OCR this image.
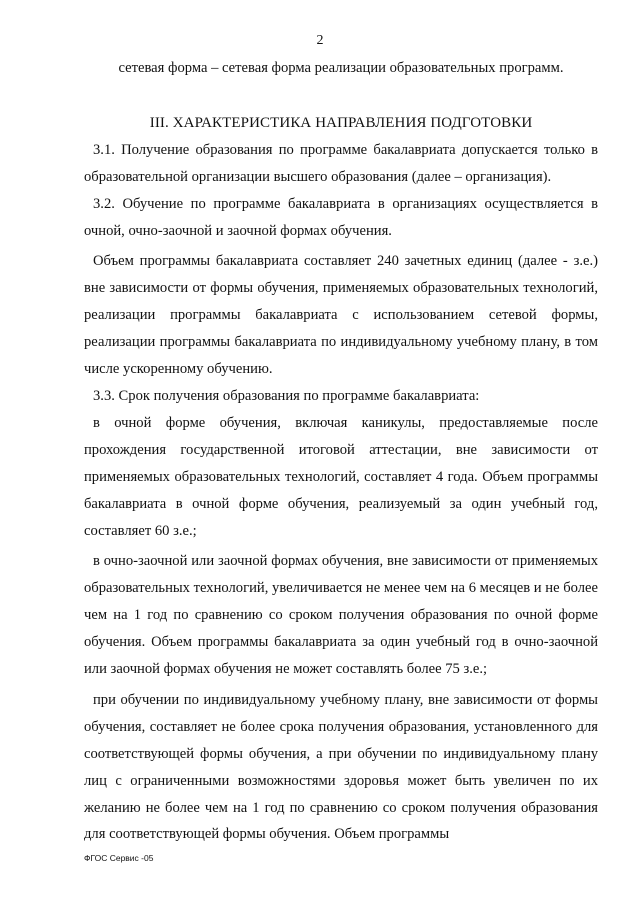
2

сетевая форма – сетевая форма реализации образовательных программ.

III. ХАРАКТЕРИСТИКА НАПРАВЛЕНИЯ ПОДГОТОВКИ

3.1. Получение образования по программе бакалавриата допускается только в образовательной организации высшего образования (далее – организация).

3.2. Обучение по программе бакалавриата в организациях осуществляется в очной, очно-заочной и заочной формах обучения.

Объем программы бакалавриата составляет 240 зачетных единиц (далее - з.е.) вне зависимости от формы обучения, применяемых образовательных технологий, реализации программы бакалавриата с использованием сетевой формы, реализации программы бакалавриата по индивидуальному учебному плану, в том числе ускоренному обучению.

3.3. Срок получения образования по программе бакалавриата:

в очной форме обучения, включая каникулы, предоставляемые после прохождения государственной итоговой аттестации, вне зависимости от применяемых образовательных технологий, составляет 4 года. Объем программы бакалавриата в очной форме обучения, реализуемый за один учебный год, составляет 60 з.е.;

в очно-заочной или заочной формах обучения, вне зависимости от применяемых образовательных технологий, увеличивается не менее чем на 6 месяцев и не более чем на 1 год по сравнению со сроком получения образования по очной форме обучения. Объем программы бакалавриата за один учебный год в очно-заочной или заочной формах обучения не может составлять более 75 з.е.;

при обучении по индивидуальному учебному плану, вне зависимости от формы обучения, составляет не более срока получения образования, установленного для соответствующей формы обучения, а при обучении по индивидуальному плану лиц с ограниченными возможностями здоровья может быть увеличен по их желанию не более чем на 1 год по сравнению со сроком получения образования для соответствующей формы обучения. Объем программы

ФГОС Сервис -05
